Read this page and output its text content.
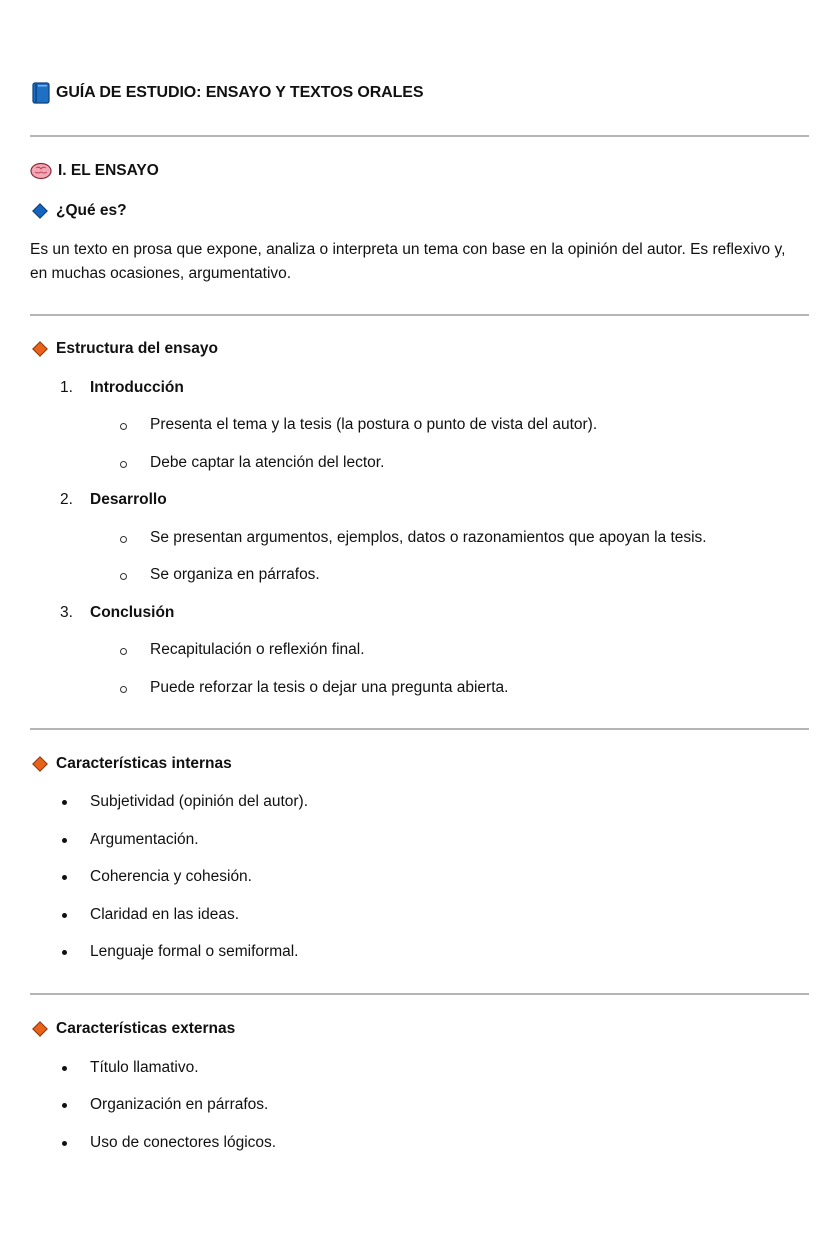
GUÍA DE ESTUDIO: ENSAYO Y TEXTOS ORALES
I. EL ENSAYO
¿Qué es?
Es un texto en prosa que expone, analiza o interpreta un tema con base en la opinión del autor. Es reflexivo y, en muchas ocasiones, argumentativo.
Estructura del ensayo
1. Introducción
Presenta el tema y la tesis (la postura o punto de vista del autor).
Debe captar la atención del lector.
2. Desarrollo
Se presentan argumentos, ejemplos, datos o razonamientos que apoyan la tesis.
Se organiza en párrafos.
3. Conclusión
Recapitulación o reflexión final.
Puede reforzar la tesis o dejar una pregunta abierta.
Características internas
Subjetividad (opinión del autor).
Argumentación.
Coherencia y cohesión.
Claridad en las ideas.
Lenguaje formal o semiformal.
Características externas
Título llamativo.
Organización en párrafos.
Uso de conectores lógicos.
